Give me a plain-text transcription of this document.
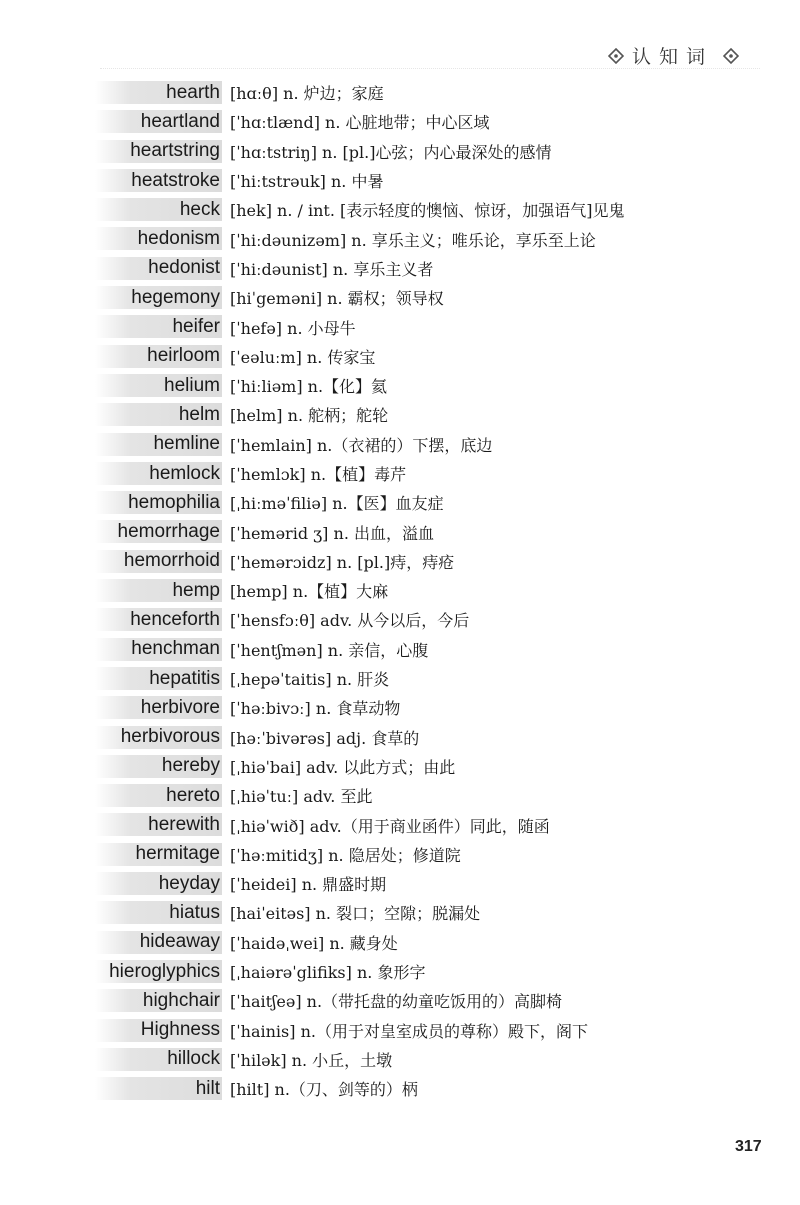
认知词
hearth [hɑːθ] n. 炉边；家庭
heartland [ˈhɑːtlænd] n. 心脏地带；中心区域
heartstring [ˈhɑːtstriŋ] n. [pl.]心弦；内心最深处的感情
heatstroke [ˈhiːtstrəuk] n. 中暑
heck [hek] n. / int. [表示轻度的懊恼、惊讶，加强语气]见鬼
hedonism [ˈhiːdəunizəm] n. 享乐主义；唯乐论，享乐至上论
hedonist [ˈhiːdəunist] n. 享乐主义者
hegemony [hiˈgeməni] n. 霸权；领导权
heifer [ˈhefə] n. 小母牛
heirloom [ˈeəluːm] n. 传家宝
helium [ˈhiːliəm] n.【化】氦
helm [helm] n. 舵柄；舵轮
hemline [ˈhemlain] n.（衣裙的）下摆，底边
hemlock [ˈhemlɔk] n.【植】毒芹
hemophilia [ˌhiːməˈfiliə] n.【医】血友症
hemorrhage [ˈhemərid ʒ] n. 出血，溢血
hemorrhoid [ˈhemərɔidz] n. [pl.]痔，痔疮
hemp [hemp] n.【植】大麻
henceforth [ˈhensfɔːθ] adv. 从今以后，今后
henchman [ˈhentʃmən] n. 亲信，心腹
hepatitis [ˌhepəˈtaitis] n. 肝炎
herbivore [ˈhəːbivɔː] n. 食草动物
herbivorous [həːˈbivərəs] adj. 食草的
hereby [ˌhiəˈbai] adv. 以此方式；由此
hereto [ˌhiəˈtuː] adv. 至此
herewith [ˌhiəˈwið] adv.（用于商业函件）同此，随函
hermitage [ˈhəːmitidʒ] n. 隐居处；修道院
heyday [ˈheidei] n. 鼎盛时期
hiatus [haiˈeitəs] n. 裂口；空隙；脱漏处
hideaway [ˈhaidəˌwei] n. 藏身处
hieroglyphics [ˌhaiərəˈglifiks] n. 象形字
highchair [ˈhaitʃeə] n.（带托盘的幼童吃饭用的）高脚椅
Highness [ˈhainis] n.（用于对皇室成员的尊称）殿下，阁下
hillock [ˈhilək] n. 小丘，土墩
hilt [hilt] n.（刀、剑等的）柄
317
